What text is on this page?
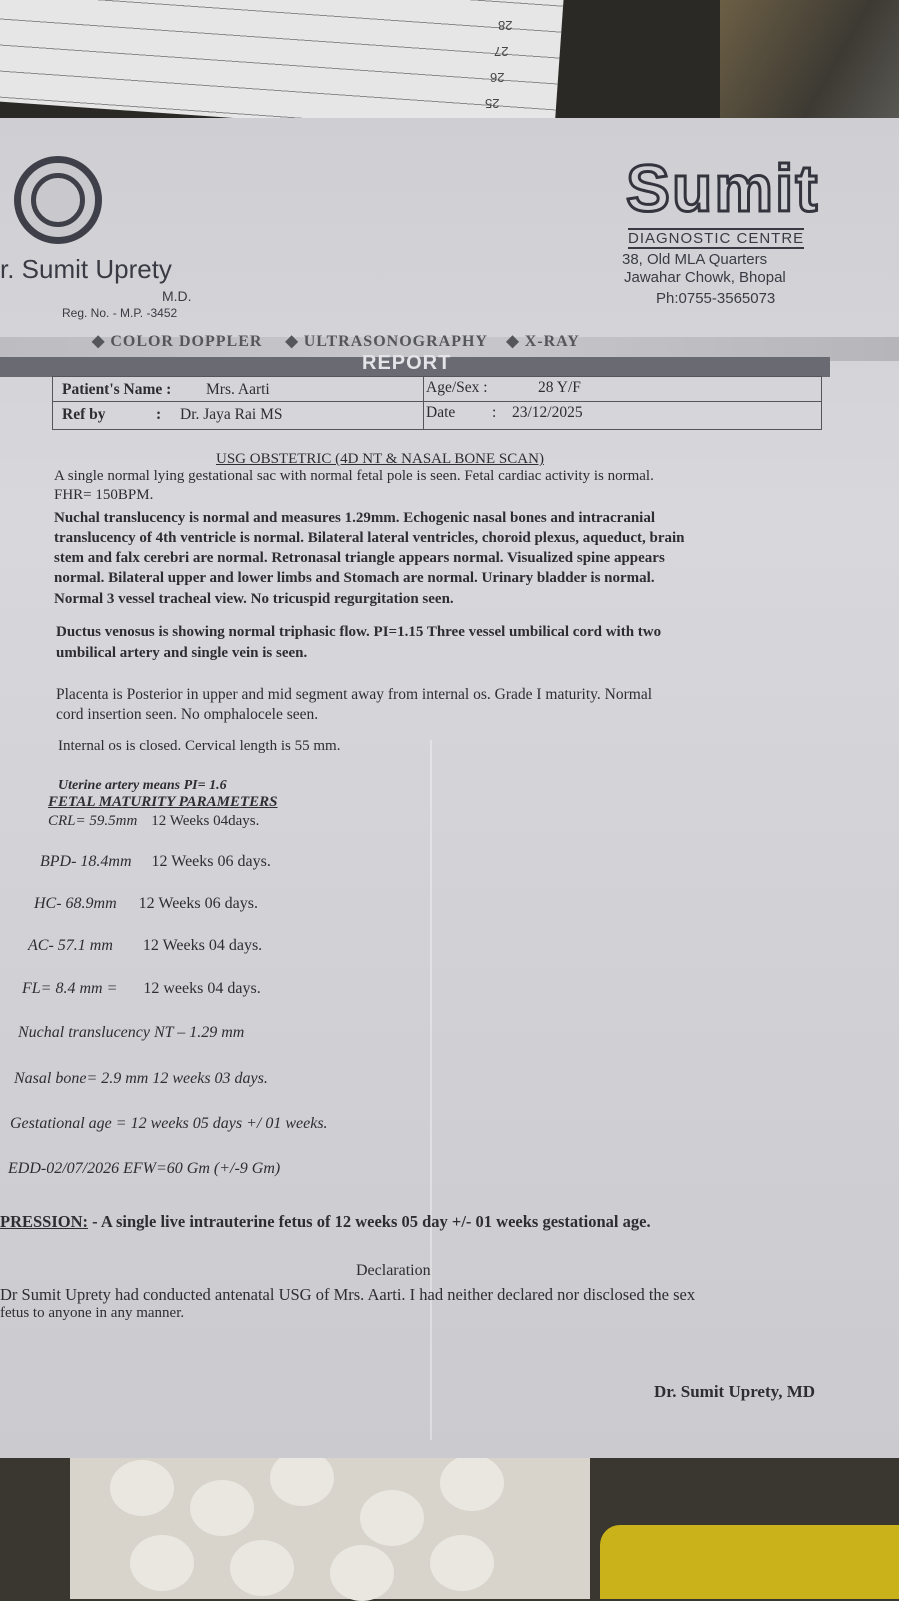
28
27
26
25
r. Sumit Uprety
M.D.
Reg. No. - M.P. -3452
Sumit
DIAGNOSTIC CENTRE
38, Old MLA Quarters
Jawahar Chowk, Bhopal
Ph:0755-3565073
◆ COLOR DOPPLER ◆ ULTRASONOGRAPHY ◆ X-RAY
REPORT
Patient's Name : Mrs. Aarti	Age/Sex :	28 Y/F
Ref by	: Dr. Jaya Rai MS	Date : 23/12/2025
USG OBSTETRIC (4D NT & NASAL BONE SCAN)
A single normal lying gestational sac with normal fetal pole is seen. Fetal cardiac activity is normal.
FHR= 150BPM.
Nuchal translucency is normal and measures 1.29mm. Echogenic nasal bones and intracranial
translucency of 4th ventricle is normal. Bilateral lateral ventricles, choroid plexus, aqueduct, brain
stem and falx cerebri are normal. Retronasal triangle appears normal. Visualized spine appears
normal. Bilateral upper and lower limbs and Stomach are normal. Urinary bladder is normal.
Normal 3 vessel tracheal view. No tricuspid regurgitation seen.
Ductus venosus is showing normal triphasic flow. PI=1.15 Three vessel umbilical cord with two
umbilical artery and single vein is seen.
Placenta is Posterior in upper and mid segment away from internal os. Grade I maturity. Normal
cord insertion seen. No omphalocele seen.
Internal os is closed. Cervical length is 55 mm.
Uterine artery means PI= 1.6
FETAL MATURITY PARAMETERS
CRL= 59.5mm 12 Weeks 04days.
BPD- 18.4mm 12 Weeks 06 days.
HC- 68.9mm 12 Weeks 06 days.
AC- 57.1 mm 12 Weeks 04 days.
FL= 8.4 mm = 12 weeks 04 days.
Nuchal translucency NT – 1.29 mm
Nasal bone= 2.9 mm 12 weeks 03 days.
Gestational age = 12 weeks 05 days +/ 01 weeks.
EDD-02/07/2026 EFW=60 Gm (+/-9 Gm)
PRESSION: - A single live intrauterine fetus of 12 weeks 05 day +/- 01 weeks gestational age.
Declaration
Dr Sumit Uprety had conducted antenatal USG of Mrs. Aarti. I had neither declared nor disclosed the sex
fetus to anyone in any manner.
Dr. Sumit Uprety, MD
